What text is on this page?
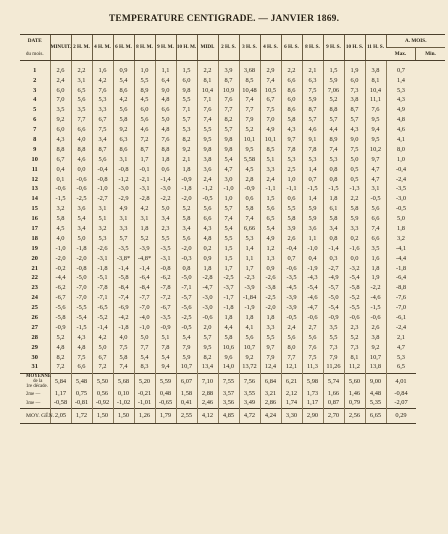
TEMPERATURE CENTIGRADE. — JANVIER 1869.
DATE
du mois.	MINUIT.	2 H. M.	4 H. M.	6 H. M.	8 H. M.	9 H. M.	10 H. M.	MIDI.	2 H. S.	3 H. S.	4 H. S.	6 H. S.	8 H. S.	9 H. S.	10 H. S.	11 H. S.	A. MOIS.	
																	Max.	Min.

1	2,6	2,2	1,6	0,9	1,0	1,1	1,5	2,2	3,9	3,68	2,9	2,2	2,1	1,5	1,9	3,8	0,7	
2	2,4	3,1	4,2	5,4	5,5	6,4	6,0	8,1	8,7	8,5	7,4	6,6	6,3	5,9	6,0	8,1	1,4	
3	6,0	6,5	7,6	8,6	8,9	9,0	9,8	10,4	10,9	10,48	10,5	8,6	7,5	7,06	7,3	10,4	5,3	
4	7,0	5,6	5,3	4,2	4,5	4,8	5,5	7,1	7,6	7,4	6,7	6,0	5,9	5,2	3,8	11,1	4,3	
5	3,5	3,5	3,3	5,6	6,0	6,6	7,1	7,6	7,7	7,7	7,5	8,6	8,7	8,8	8,7	7,6	4,9	
6	9,2	7,7	6,7	5,8	5,6	5,0	5,7	7,4	8,2	7,9	7,0	5,8	5,7	5,7	5,7	9,5	4,8	
7	6,0	6,6	7,5	9,2	4,6	4,8	5,3	5,5	5,7	5,2	4,9	4,3	4,6	4,4	4,3	9,4	4,6	
8	4,3	4,0	3,4	6,3	7,2	7,6	8,2	9,5	9,8	10,1	10,1	9,7	9,1	8,9	9,0	9,5	4,1	
9	8,8	8,8	8,7	8,6	8,7	8,8	9,2	9,8	9,8	9,5	8,5	7,8	7,8	7,4	7,5	10,2	8,0	
10	6,7	4,6	5,6	3,1	1,7	1,8	2,1	3,8	5,4	5,58	5,1	5,3	5,3	5,3	5,0	9,7	1,0	
11	0,4	0,0	-0,4	-0,8	-0,1	0,6	1,8	3,6	4,7	4,5	3,3	2,5	1,4	0,8	0,5	4,7	-0,4	
12	0,1	-0,6	-0,8	-1,2	-2,1	-1,4	-0,9	2,4	3,0	2,8	2,4	1,0	0,7	0,8	0,5	4,7	-2,4	
13	-0,6	-0,6	-1,0	-3,0	-3,1	-3,0	-1,8	-1,2	-1,0	-0,9	-1,1	-1,1	-1,5	-1,5	-1,3	3,1	-3,5	
14	-1,5	-2,5	-2,7	-2,9	-2,8	-2,2	-2,0	-0,5	1,0	0,6	1,5	0,6	1,4	1,8	2,2	-0,5	-3,0	
15	3,2	3,6	3,1	4,9	4,2	5,0	5,2	5,6	5,7	5,8	5,6	5,5	5,9	6,1	5,8	5,6	-0,5	
16	5,8	5,4	5,1	3,1	3,1	3,4	5,8	6,6	7,4	7,4	6,5	5,8	5,9	5,8	5,9	6,6	5,0	
17	4,5	3,4	3,2	3,3	1,8	2,3	3,4	4,3	5,4	6,66	5,4	3,9	3,6	3,4	3,3	7,4	1,8	
18	4,0	5,0	5,3	5,7	5,2	5,5	5,6	4,8	5,5	5,3	4,9	2,6	1,1	0,8	0,2	6,6	3,2	
19	-1,0	-1,8	-2,6	-3,5	-3,9	-3,5	-2,0	0,2	1,5	1,4	1,2	-0,4	-1,0	-1,4	-1,6	3,5	-4,1	
20	-2,0	-2,0	-3,1	-3,8*	-4,8*	-3,1	-0,3	0,9	1,5	1,1	1,3	0,7	0,4	0,3	0,0	1,6	-4,4	
21	-0,2	-0,8	-1,8	-1,4	-1,4	-0,8	0,8	1,8	1,7	1,7	0,9	-0,6	-1,9	-2,7	-3,2	1,8	-1,8	
22	-4,4	-5,0	-5,1	-5,8	-6,4	-6,2	-5,0	-2,8	-2,5	-2,3	-2,6	-3,5	-4,3	-4,9	-5,4	1,9	-6,4	
23	-6,2	-7,0	-7,8	-8,4	-8,4	-7,8	-7,1	-4,7	-3,7	-3,9	-3,8	-4,5	-5,4	-5,7	-5,8	-2,2	-8,8	
24	-6,7	-7,0	-7,1	-7,4	-7,7	-7,2	-5,7	-3,0	-1,7	-1,84	-2,5	-3,9	-4,6	-5,0	-5,2	-4,6	-7,6	
25	-5,6	-5,5	-6,5	-6,9	-7,0	-6,7	-5,6	-3,0	-1,8	-1,9	-2,0	-3,9	-4,7	-5,4	-5,5	-1,5	-7,0	
26	-5,8	-5,4	-5,2	-4,2	-4,0	-3,5	-2,5	-0,6	1,8	1,8	1,8	-0,5	-0,6	-0,9	-0,6	-0,6	-6,1	
27	-0,9	-1,5	-1,4	-1,8	-1,0	-0,9	-0,5	2,0	4,4	4,1	3,3	2,4	2,7	3,5	2,3	2,6	-2,4	
28	5,2	4,3	4,2	4,0	5,0	5,1	5,4	5,7	5,8	5,6	5,5	5,6	5,6	5,5	5,2	3,8	2,1	
29	4,8	4,8	5,0	7,5	7,7	7,8	7,9	9,5	10,6	10,7	9,7	8,0	7,6	7,3	7,3	9,2	4,7	
30	8,2	7,5	6,7	5,8	5,4	5,4	5,9	8,2	9,6	9,2	7,9	7,7	7,5	7,9	8,1	10,7	5,3	
31	7,2	6,6	7,2	7,4	8,3	9,4	10,7	13,4	14,0	13,72	12,4	12,1	11,3	11,26	11,2	13,8	6,5	

MOYENNE
de la
1re décade.	5,84	5,48	5,50	5,68	5,20	5,59	6,07	7,10	7,55	7,56	6,84	6,21	5,98	5,74	5,60	9,00	4,01	

2me —	1,17	0,75	0,56	0,10	-0,21	0,48	1,58	2,88	3,57	3,55	3,21	2,12	1,73	1,66	1,46	4,48	-0,84	

3me —	-0,58	-0,81	-0,92	-1,02	-1,01	-0,65	0,41	2,46	3,56	3,49	2,86	1,74	1,17	0,87	0,79	5,35	-2,07	
MOY. GÉN.	2,05	1,72	1,50	1,50	1,26	1,79	2,55	4,12	4,85	4,72	4,24	3,30	2,90	2,70	2,56	6,65	0,29	
